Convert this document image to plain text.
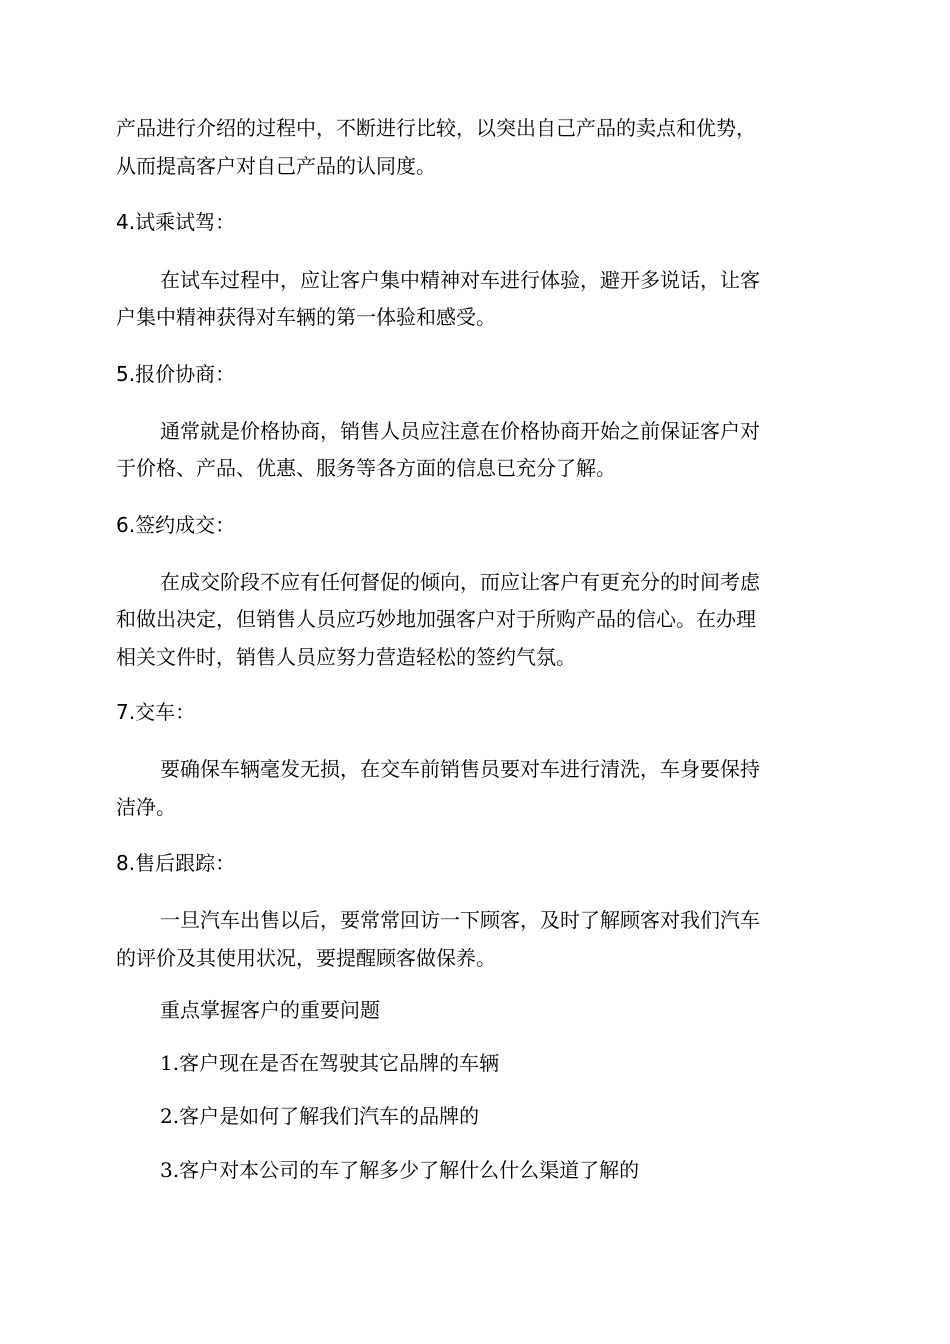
产品进行介绍的过程中，不断进行比较，以突出自己产品的卖点和优势，
从而提高客户对自己产品的认同度。
4.试乘试驾：
在试车过程中，应让客户集中精神对车进行体验，避开多说话，让客
户集中精神获得对车辆的第一体验和感受。
5.报价协商：
通常就是价格协商，销售人员应注意在价格协商开始之前保证客户对
于价格、产品、优惠、服务等各方面的信息已充分了解。
6.签约成交：
在成交阶段不应有任何督促的倾向，而应让客户有更充分的时间考虑
和做出决定，但销售人员应巧妙地加强客户对于所购产品的信心。在办理
相关文件时，销售人员应努力营造轻松的签约气氛。
7.交车：
要确保车辆毫发无损，在交车前销售员要对车进行清洗，车身要保持
洁净。
8.售后跟踪：
一旦汽车出售以后，要常常回访一下顾客，及时了解顾客对我们汽车
的评价及其使用状况，要提醒顾客做保养。
重点掌握客户的重要问题
1.客户现在是否在驾驶其它品牌的车辆
2.客户是如何了解我们汽车的品牌的
3.客户对本公司的车了解多少了解什么什么渠道了解的
